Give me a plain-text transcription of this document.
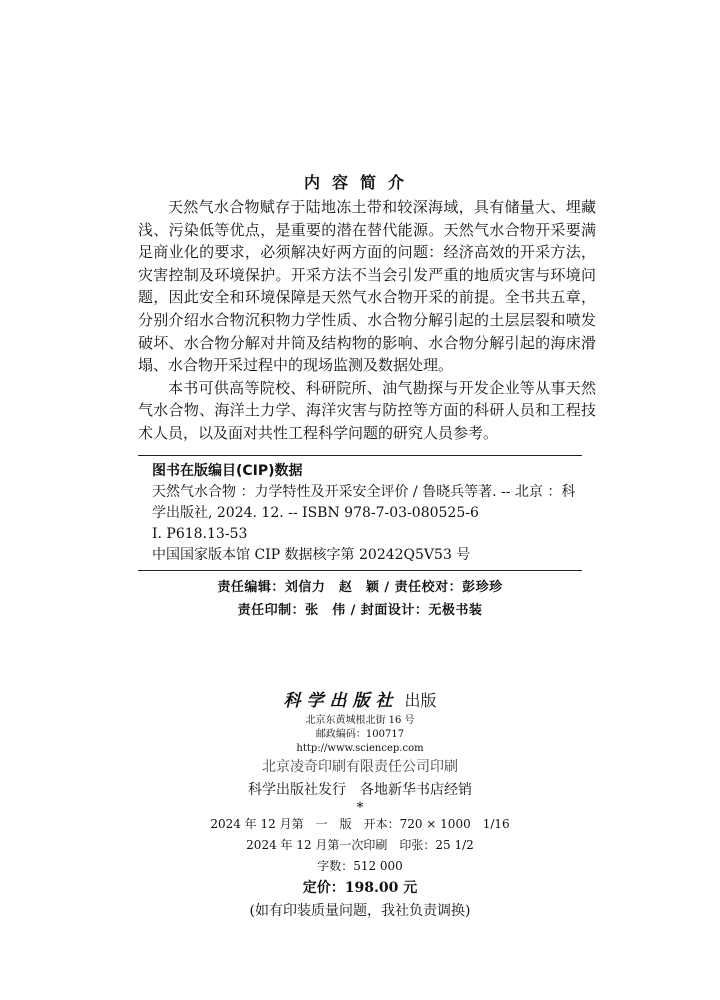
内容简介

天然气水合物赋存于陆地冻土带和较深海域，具有储量大、埋藏浅、污染低等优点，是重要的潜在替代能源。天然气水合物开采要满足商业化的要求，必须解决好两方面的问题：经济高效的开采方法，灾害控制及环境保护。开采方法不当会引发严重的地质灾害与环境问题，因此安全和环境保障是天然气水合物开采的前提。全书共五章，分别介绍水合物沉积物力学性质、水合物分解引起的土层层裂和喷发破坏、水合物分解对井筒及结构物的影响、水合物分解引起的海床滑塌、水合物开采过程中的现场监测及数据处理。

本书可供高等院校、科研院所、油气勘探与开发企业等从事天然气水合物、海洋土力学、海洋灾害与防控等方面的科研人员和工程技术人员，以及面对共性工程科学问题的研究人员参考。

图书在版编目(CIP)数据
天然气水合物 ：力学特性及开采安全评价 / 鲁晓兵等著. -- 北京 ：科
学出版社, 2024. 12. -- ISBN 978-7-03-080525-6
Ⅰ. P618.13-53
中国国家版本馆 CIP 数据核字第 20242Q5V53 号
责任编辑：刘信力　赵　颖 / 责任校对：彭珍珍
责任印制：张　伟 / 封面设计：无极书装
科学出版社 出版
北京东黄城根北街 16 号
邮政编码：100717
http://www.sciencep.com
北京凌奇印刷有限责任公司印刷
科学出版社发行　各地新华书店经销
*
2024 年 12 月第　一　版　开本：720 × 1000　1/16
2024 年 12 月第一次印刷　印张：25 1/2
字数：512 000
定价：198.00 元
(如有印装质量问题，我社负责调换)
